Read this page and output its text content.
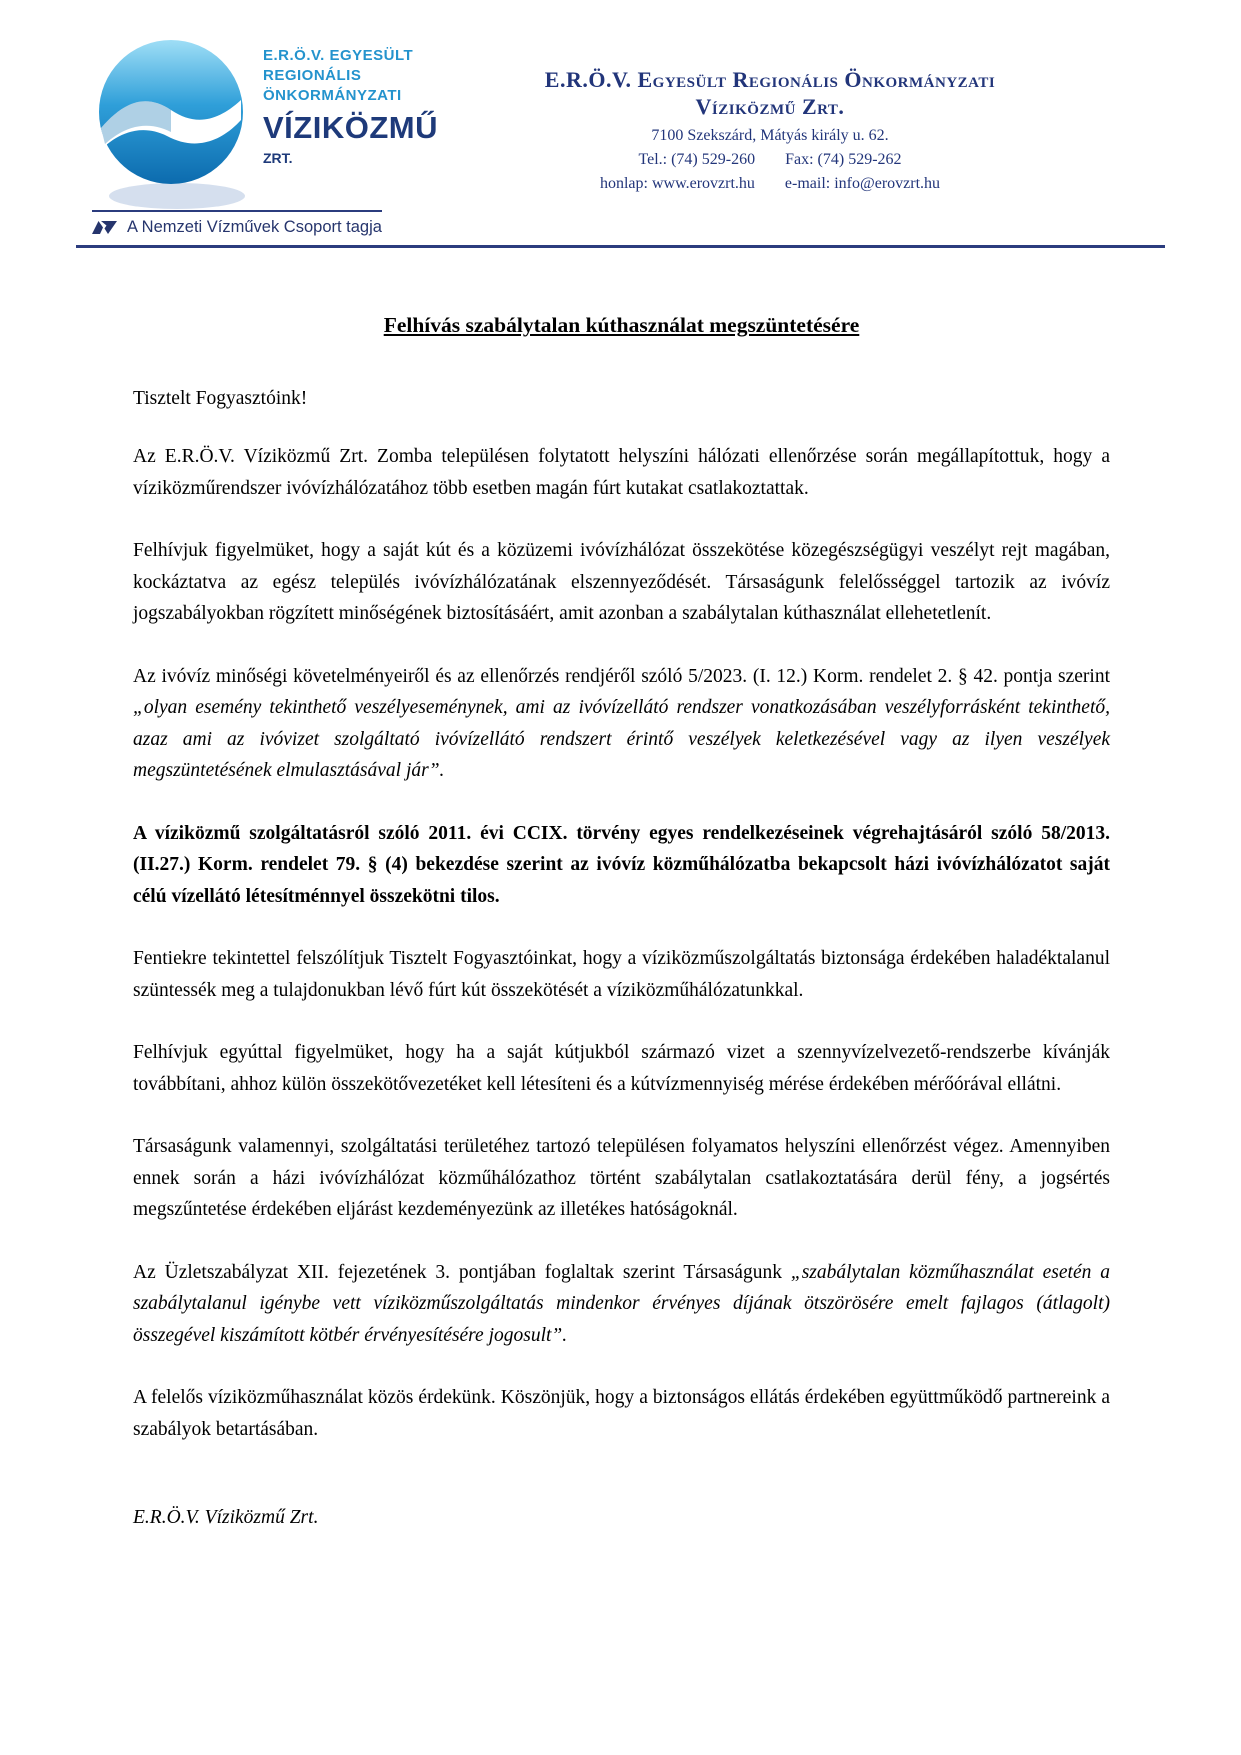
E.R.Ö.V. EGYESÜLT
REGIONÁLIS
ÖNKORMÁNYZATI
VÍZIKÖZMŰ
ZRT.
A Nemzeti Vízművek Csoport tagja
E.R.Ö.V. Egyesült Regionális Önkormányzati
Víziközmű Zrt.
7100 Szekszárd, Mátyás király u. 62.
Tel.: (74) 529-260 Fax: (74) 529-262
honlap: www.erovzrt.hu e-mail: info@erovzrt.hu
Felhívás szabálytalan kúthasználat megszüntetésére
Tisztelt Fogyasztóink!

Az E.R.Ö.V. Víziközmű Zrt. Zomba településen folytatott helyszíni hálózati ellenőrzése során megállapítottuk, hogy a víziközműrendszer ivóvízhálózatához több esetben magán fúrt kutakat csatlakoztattak.

Felhívjuk figyelmüket, hogy a saját kút és a közüzemi ivóvízhálózat összekötése közegészségügyi veszélyt rejt magában, kockáztatva az egész település ivóvízhálózatának elszennyeződését. Társaságunk felelősséggel tartozik az ivóvíz jogszabályokban rögzített minőségének biztosításáért, amit azonban a szabálytalan kúthasználat ellehetetlenít.

Az ivóvíz minőségi követelményeiről és az ellenőrzés rendjéről szóló 5/2023. (I. 12.) Korm. rendelet 2. § 42. pontja szerint „olyan esemény tekinthető veszélyeseménynek, ami az ivóvízellátó rendszer vonatkozásában veszélyforrásként tekinthető, azaz ami az ivóvizet szolgáltató ivóvízellátó rendszert érintő veszélyek keletkezésével vagy az ilyen veszélyek megszüntetésének elmulasztásával jár”.

A víziközmű szolgáltatásról szóló 2011. évi CCIX. törvény egyes rendelkezéseinek végrehajtásáról szóló 58/2013. (II.27.) Korm. rendelet 79. § (4) bekezdése szerint az ivóvíz közműhálózatba bekapcsolt házi ivóvízhálózatot saját célú vízellátó létesítménnyel összekötni tilos.

Fentiekre tekintettel felszólítjuk Tisztelt Fogyasztóinkat, hogy a víziközműszolgáltatás biztonsága érdekében haladéktalanul szüntessék meg a tulajdonukban lévő fúrt kút összekötését a víziközműhálózatunkkal.

Felhívjuk egyúttal figyelmüket, hogy ha a saját kútjukból származó vizet a szennyvízelvezető-rendszerbe kívánják továbbítani, ahhoz külön összekötővezetéket kell létesíteni és a kútvízmennyiség mérése érdekében mérőórával ellátni.

Társaságunk valamennyi, szolgáltatási területéhez tartozó településen folyamatos helyszíni ellenőrzést végez. Amennyiben ennek során a házi ivóvízhálózat közműhálózathoz történt szabálytalan csatlakoztatására derül fény, a jogsértés megszűntetése érdekében eljárást kezdeményezünk az illetékes hatóságoknál.

Az Üzletszabályzat XII. fejezetének 3. pontjában foglaltak szerint Társaságunk „szabálytalan közműhasználat esetén a szabálytalanul igénybe vett víziközműszolgáltatás mindenkor érvényes díjának ötszörösére emelt fajlagos (átlagolt) összegével kiszámított kötbér érvényesítésére jogosult”.

A felelős víziközműhasználat közös érdekünk. Köszönjük, hogy a biztonságos ellátás érdekében együttműködő partnereink a szabályok betartásában.

E.R.Ö.V. Víziközmű Zrt.
